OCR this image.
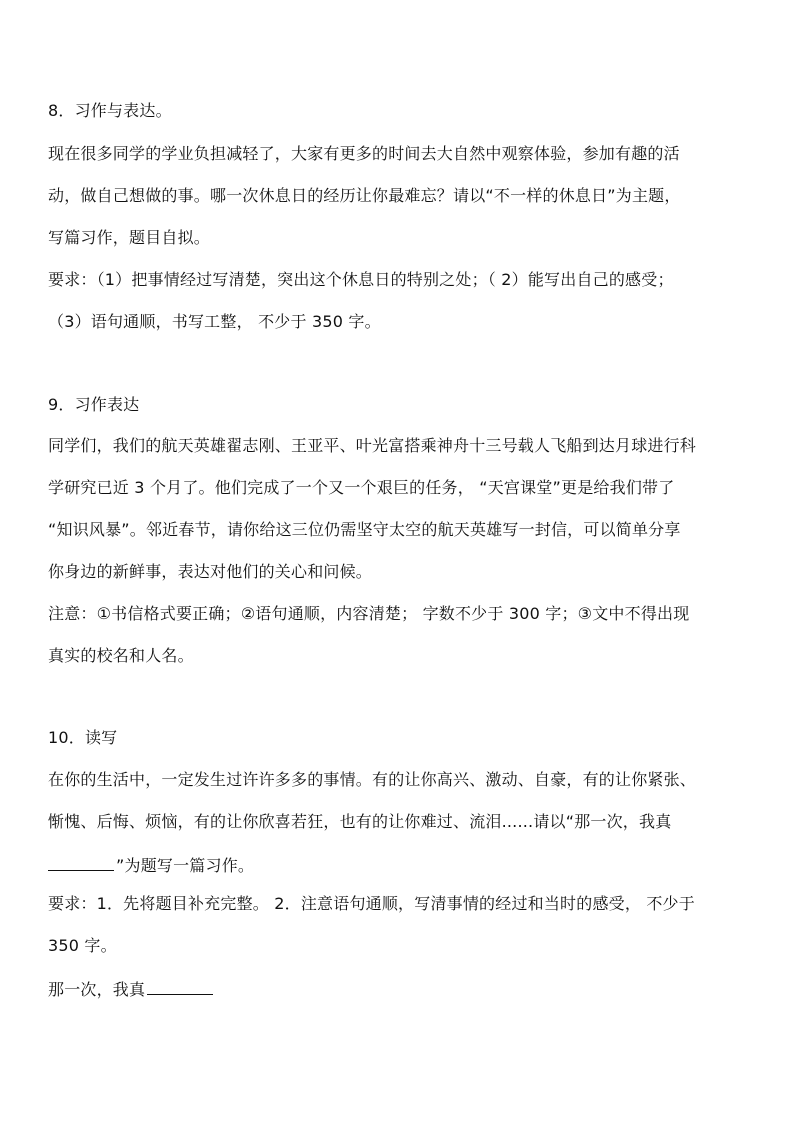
8．习作与表达。
现在很多同学的学业负担减轻了，大家有更多的时间去大自然中观察体验，参加有趣的活
动，做自己想做的事。哪一次休息日的经历让你最难忘？请以“不一样的休息日”为主题，
写篇习作，题目自拟。
要求：（1）把事情经过写清楚，突出这个休息日的特别之处；（ 2）能写出自己的感受；
（3）语句通顺，书写工整， 不少于 350 字。
9．习作表达
同学们，我们的航天英雄翟志刚、王亚平、叶光富搭乘神舟十三号载人飞船到达月球进行科
学研究已近 3 个月了。他们完成了一个又一个艰巨的任务， “天宫课堂”更是给我们带了
“知识风暴”。邻近春节，请你给这三位仍需坚守太空的航天英雄写一封信，可以简单分享
你身边的新鲜事，表达对他们的关心和问候。
注意：①书信格式要正确；②语句通顺，内容清楚； 字数不少于 300 字；③文中不得出现
真实的校名和人名。
10．读写
在你的生活中，一定发生过许许多多的事情。有的让你高兴、激动、自豪，有的让你紧张、
惭愧、后悔、烦恼，有的让你欣喜若狂，也有的让你难过、流泪......请以“那一次，我真
”为题写一篇习作。
要求：1．先将题目补充完整。 2．注意语句通顺，写清事情的经过和当时的感受， 不少于
350 字。
那一次，我真
